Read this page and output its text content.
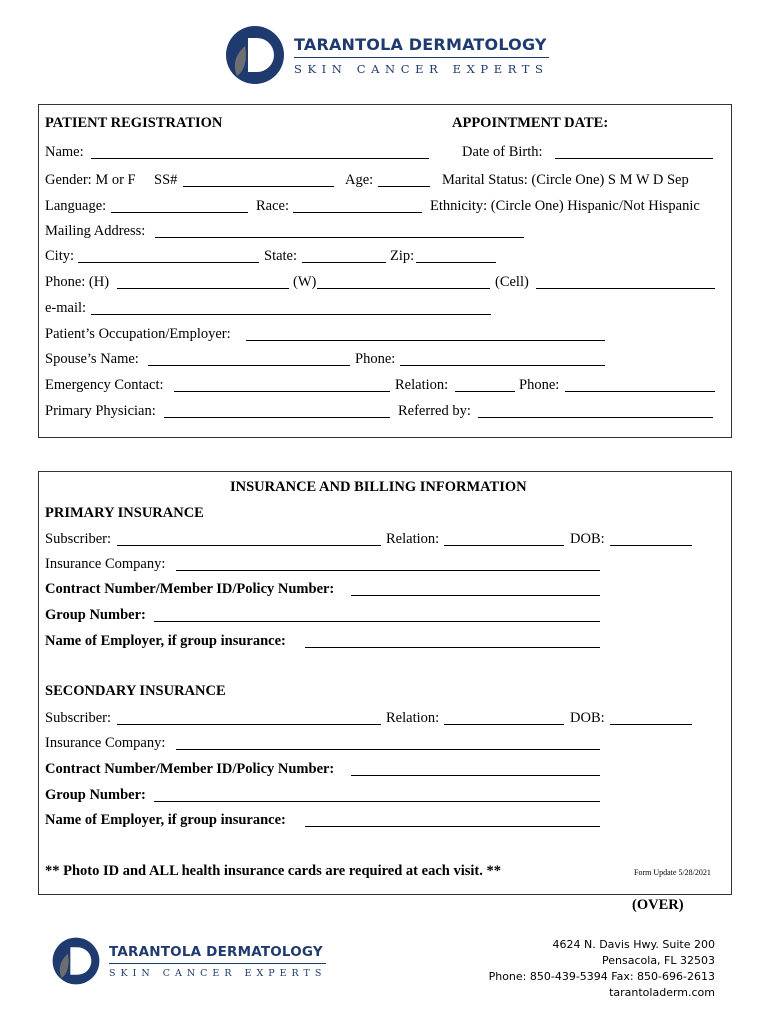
TARANTOLA DERMATOLOGY
SKIN CANCER EXPERTS
PATIENT REGISTRATION	APPOINTMENT DATE:
Name:	Date of Birth:
Gender: M or F SS#	Age:	Marital Status: (Circle One) S M W D Sep
Language:	Race:	Ethnicity: (Circle One) Hispanic/Not Hispanic
Mailing Address:
City:	State:	Zip:
Phone: (H)	(W)	(Cell)
e-mail:
Patient’s Occupation/Employer:
Spouse’s Name:	Phone:
Emergency Contact:	Relation:	Phone:
Primary Physician:	Referred by:
INSURANCE AND BILLING INFORMATION
PRIMARY INSURANCE
Subscriber:	Relation:	DOB:
Insurance Company:
Contract Number/Member ID/Policy Number:
Group Number:
Name of Employer, if group insurance:
SECONDARY INSURANCE
Subscriber:	Relation:	DOB:
Insurance Company:
Contract Number/Member ID/Policy Number:
Group Number:
Name of Employer, if group insurance:
** Photo ID and ALL health insurance cards are required at each visit. **	Form Update 5/28/2021
(OVER)
TARANTOLA DERMATOLOGY
SKIN CANCER EXPERTS
4624 N. Davis Hwy. Suite 200
Pensacola, FL 32503
Phone: 850-439-5394 Fax: 850-696-2613
tarantoladerm.com
